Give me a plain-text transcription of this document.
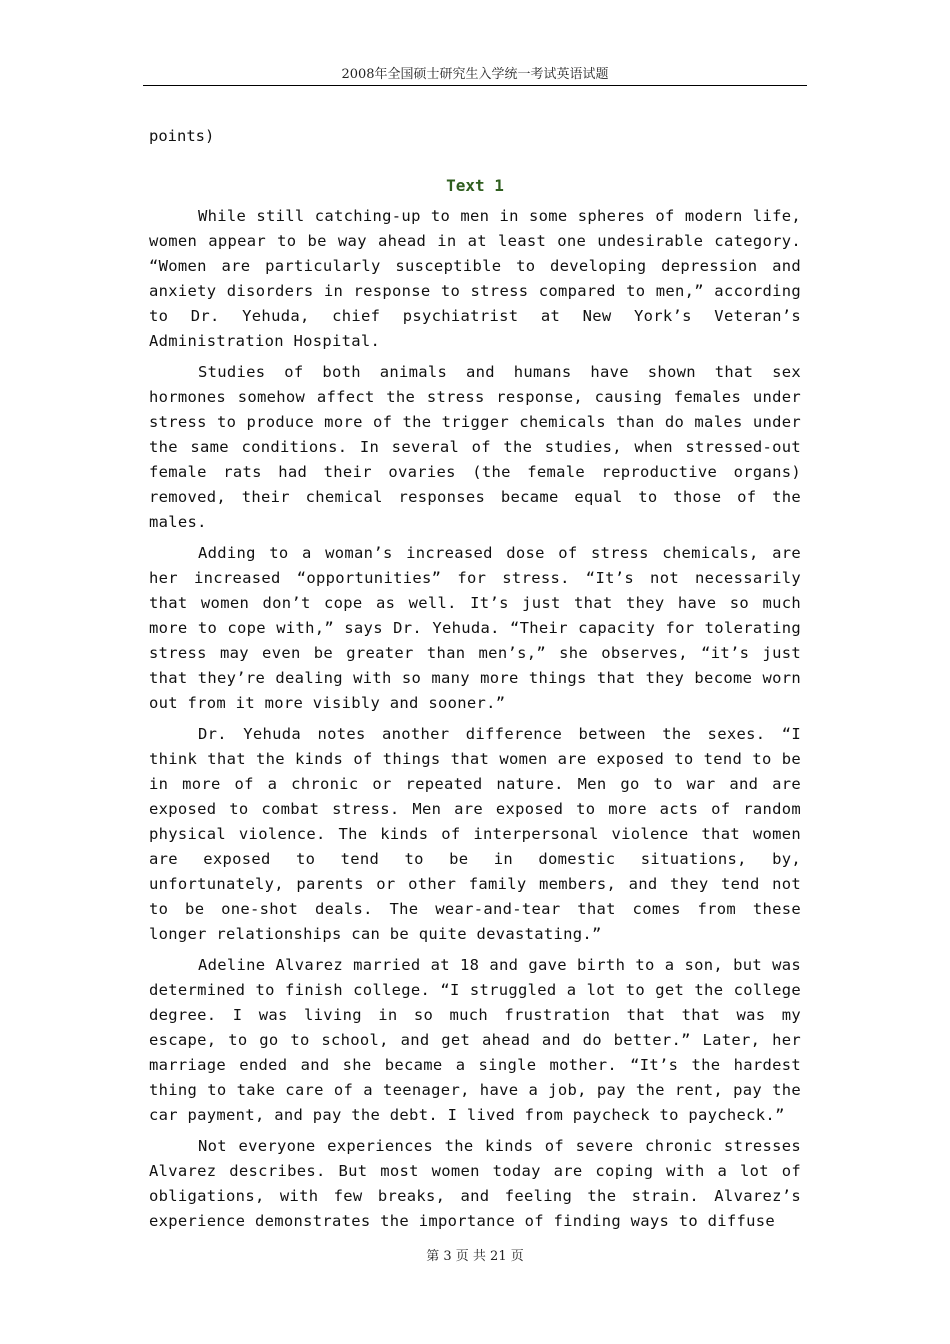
2008年全国硕士研究生入学统一考试英语试题

points)

Text 1

While still catching-up to men in some spheres of modern life, women appear to be way ahead in at least one undesirable category. “Women are particularly susceptible to developing depression and anxiety disorders in response to stress compared to men,” according to Dr. Yehuda, chief psychiatrist at New York’s Veteran’s Administration Hospital.

Studies of both animals and humans have shown that sex hormones somehow affect the stress response, causing females under stress to produce more of the trigger chemicals than do males under the same conditions. In several of the studies, when stressed-out female rats had their ovaries (the female reproductive organs) removed, their chemical responses became equal to those of the males.

Adding to a woman’s increased dose of stress chemicals, are her increased “opportunities” for stress. “It’s not necessarily that women don’t cope as well. It’s just that they have so much more to cope with,” says Dr. Yehuda. “Their capacity for tolerating stress may even be greater than men’s,” she observes, “it’s just that they’re dealing with so many more things that they become worn out from it more visibly and sooner.”

Dr. Yehuda notes another difference between the sexes. “I think that the kinds of things that women are exposed to tend to be in more of a chronic or repeated nature. Men go to war and are exposed to combat stress. Men are exposed to more acts of random physical violence. The kinds of interpersonal violence that women are exposed to tend to be in domestic situations, by, unfortunately, parents or other family members, and they tend not to be one-shot deals. The wear-and-tear that comes from these longer relationships can be quite devastating.”

Adeline Alvarez married at 18 and gave birth to a son, but was determined to finish college. “I struggled a lot to get the college degree. I was living in so much frustration that that was my escape, to go to school, and get ahead and do better.” Later, her marriage ended and she became a single mother. “It’s the hardest thing to take care of a teenager, have a job, pay the rent, pay the car payment, and pay the debt. I lived from paycheck to paycheck.”

Not everyone experiences the kinds of severe chronic stresses Alvarez describes. But most women today are coping with a lot of obligations, with few breaks, and feeling the strain. Alvarez’s experience demonstrates the importance of finding ways to diffuse

第 3 页 共 21 页
